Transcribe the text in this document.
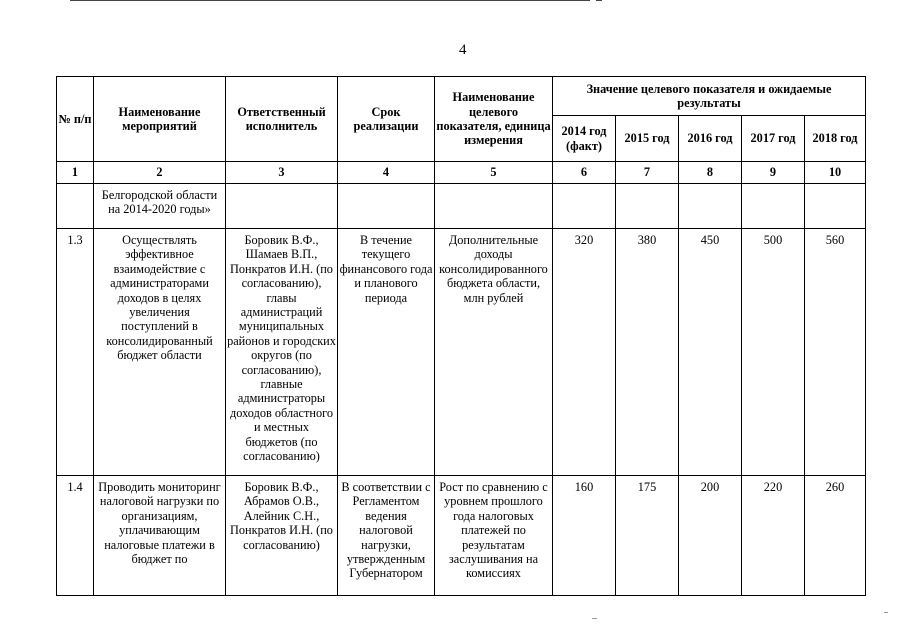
4
№ п/п	Наименование мероприятий	Ответственный исполнитель	Срок реализации	Наименование целевого показателя, единица измерения	Значение целевого показателя и ожидаемые результаты				
					2014 год (факт)	2015 год	2016 год	2017 год	2018 год
1	2	3	4	5	6	7	8	9	10
	Белгородской области на 2014-2020 годы»								
1.3	Осуществлять эффективное взаимодействие с администраторами доходов в целях увеличения поступлений в консолидированный бюджет области	Боровик В.Ф., Шамаев В.П., Понкратов И.Н. (по согласованию), главы администраций муниципальных районов и городских округов (по согласованию), главные администраторы доходов областного и местных бюджетов (по согласованию)	В течение текущего финансового года и планового периода	Дополнительные доходы консолидированного бюджета области, млн рублей	320	380	450	500	560
1.4	Проводить мониторинг налоговой нагрузки по организациям, уплачивающим налоговые платежи в бюджет по	Боровик В.Ф., Абрамов О.В., Алейник С.Н., Понкратов И.Н. (по согласованию)	В соответствии с Регламентом ведения налоговой нагрузки, утвержденным Губернатором	Рост по сравнению с уровнем прошлого года налоговых платежей по результатам заслушивания на комиссиях	160	175	200	220	260
